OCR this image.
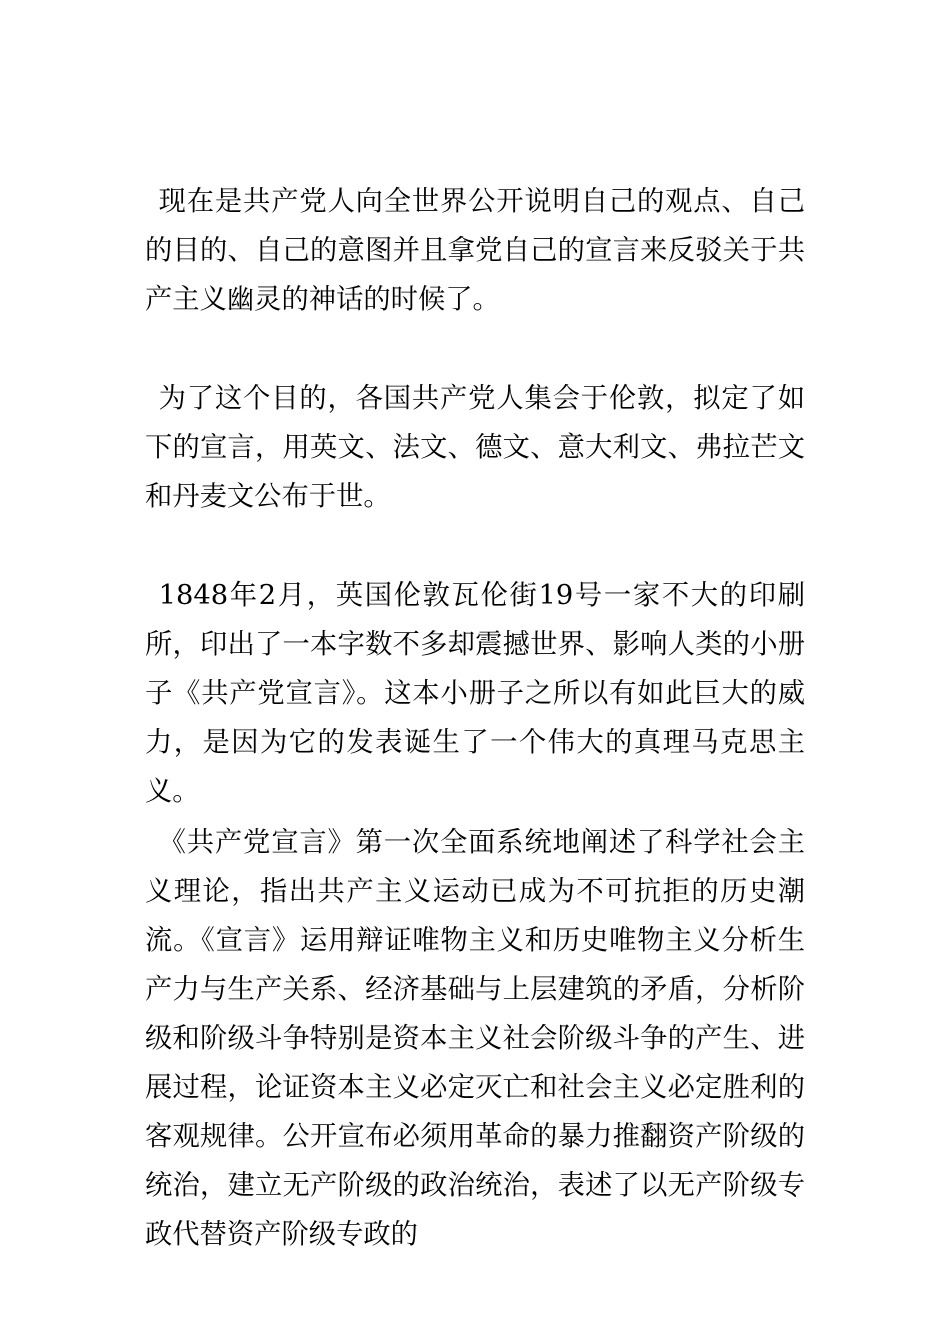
现在是共产党人向全世界公开说明自己的观点、自己的目的、自己的意图并且拿党自己的宣言来反驳关于共产主义幽灵的神话的时候了。

为了这个目的，各国共产党人集会于伦敦，拟定了如下的宣言，用英文、法文、德文、意大利文、弗拉芒文和丹麦文公布于世。

1848年2月，英国伦敦瓦伦街19号一家不大的印刷所，印出了一本字数不多却震撼世界、影响人类的小册子《共产党宣言》。这本小册子之所以有如此巨大的威力，是因为它的发表诞生了一个伟大的真理马克思主义。

《共产党宣言》第一次全面系统地阐述了科学社会主义理论，指出共产主义运动已成为不可抗拒的历史潮流。《宣言》运用辩证唯物主义和历史唯物主义分析生产力与生产关系、经济基础与上层建筑的矛盾，分析阶级和阶级斗争特别是资本主义社会阶级斗争的产生、进展过程，论证资本主义必定灭亡和社会主义必定胜利的客观规律。公开宣布必须用革命的暴力推翻资产阶级的统治，建立无产阶级的政治统治，表述了以无产阶级专政代替资产阶级专政的
